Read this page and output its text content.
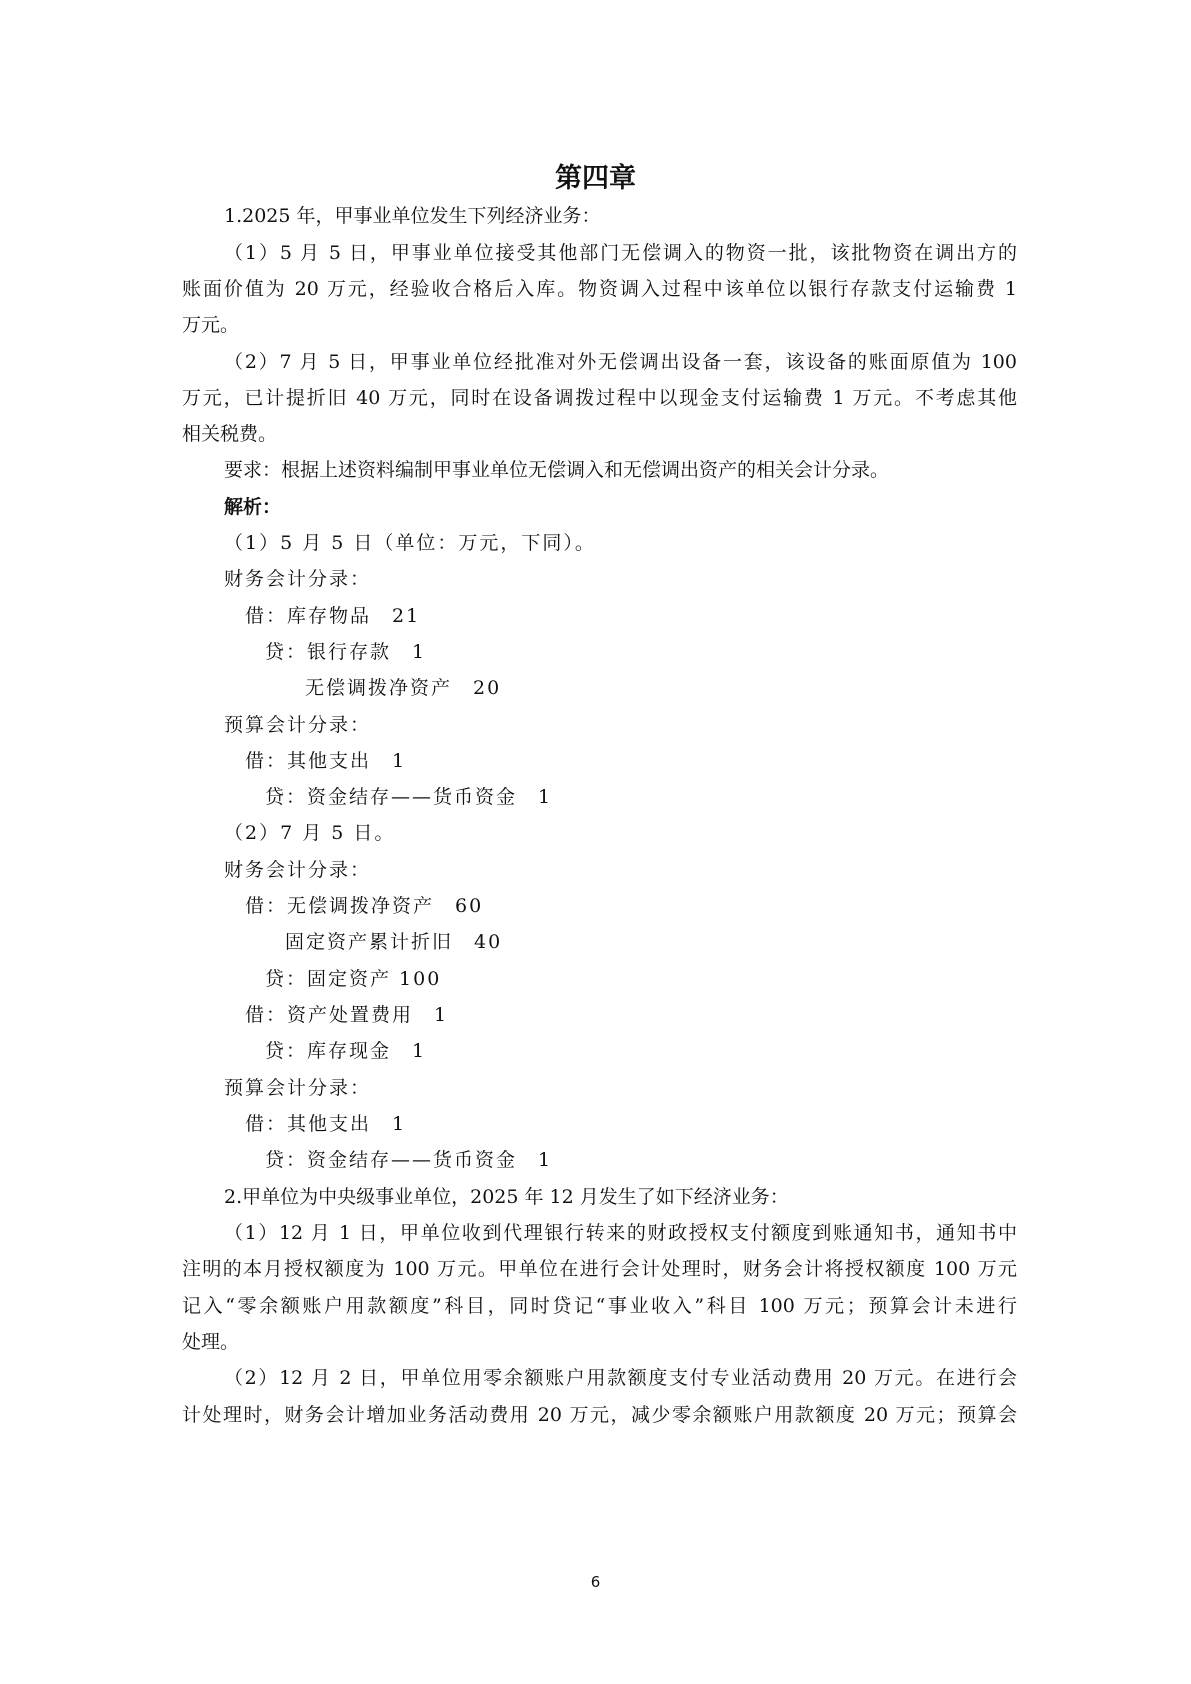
第四章
1.2025 年，甲事业单位发生下列经济业务：
（1）5 月 5 日，甲事业单位接受其他部门无偿调入的物资一批，该批物资在调出方的
账面价值为 20 万元，经验收合格后入库。物资调入过程中该单位以银行存款支付运输费 1
万元。
（2）7 月 5 日，甲事业单位经批准对外无偿调出设备一套，该设备的账面原值为 100
万元，已计提折旧 40 万元，同时在设备调拨过程中以现金支付运输费 1 万元。不考虑其他
相关税费。
要求：根据上述资料编制甲事业单位无偿调入和无偿调出资产的相关会计分录。
解析：
（1）5 月 5 日（单位：万元，下同）。
财务会计分录：
借：库存物品　21
贷：银行存款　1
无偿调拨净资产　20
预算会计分录：
借：其他支出　1
贷：资金结存——货币资金　1
（2）7 月 5 日。
财务会计分录：
借：无偿调拨净资产　60
固定资产累计折旧　40
贷：固定资产 100
借：资产处置费用　1
贷：库存现金　1
预算会计分录：
借：其他支出　1
贷：资金结存——货币资金　1
2.甲单位为中央级事业单位，2025 年 12 月发生了如下经济业务：
（1）12 月 1 日，甲单位收到代理银行转来的财政授权支付额度到账通知书，通知书中
注明的本月授权额度为 100 万元。甲单位在进行会计处理时，财务会计将授权额度 100 万元
记入“零余额账户用款额度”科目，同时贷记“事业收入”科目 100 万元；预算会计未进行
处理。
（2）12 月 2 日，甲单位用零余额账户用款额度支付专业活动费用 20 万元。在进行会
计处理时，财务会计增加业务活动费用 20 万元，减少零余额账户用款额度 20 万元；预算会
6
